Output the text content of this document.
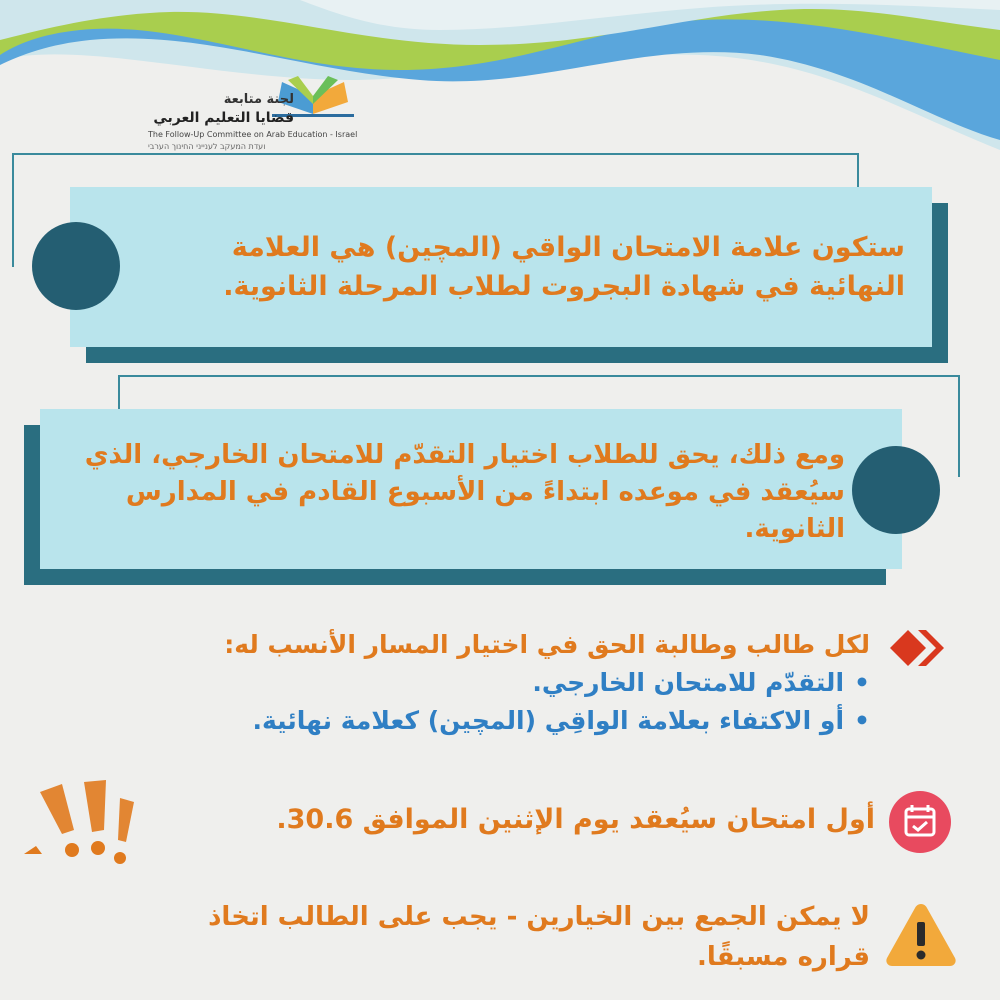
لجنة متابعة
قضايا التعليم العربي
The Follow-Up Committee on Arab Education - Israel
ועדת המעקב לענייני החינוך הערבי
ستكون علامة الامتحان الواقي (المچين) هي العلامة
النهائية في شهادة البجروت لطلاب المرحلة الثانوية.
ومع ذلك، يحق للطلاب اختيار التقدّم للامتحان الخارجي، الذي
سيُعقد في موعده ابتداءً من الأسبوع القادم في المدارس
الثانوية.
لكل طالب وطالبة الحق في اختيار المسار الأنسب له:
•التقدّم للامتحان الخارجي.
•أو الاكتفاء بعلامة الواقِي (المچين) كعلامة نهائية.
أول امتحان سيُعقد يوم الإثنين الموافق 30.6.
لا يمكن الجمع بين الخيارين - يجب على الطالب اتخاذ
قراره مسبقًا.
